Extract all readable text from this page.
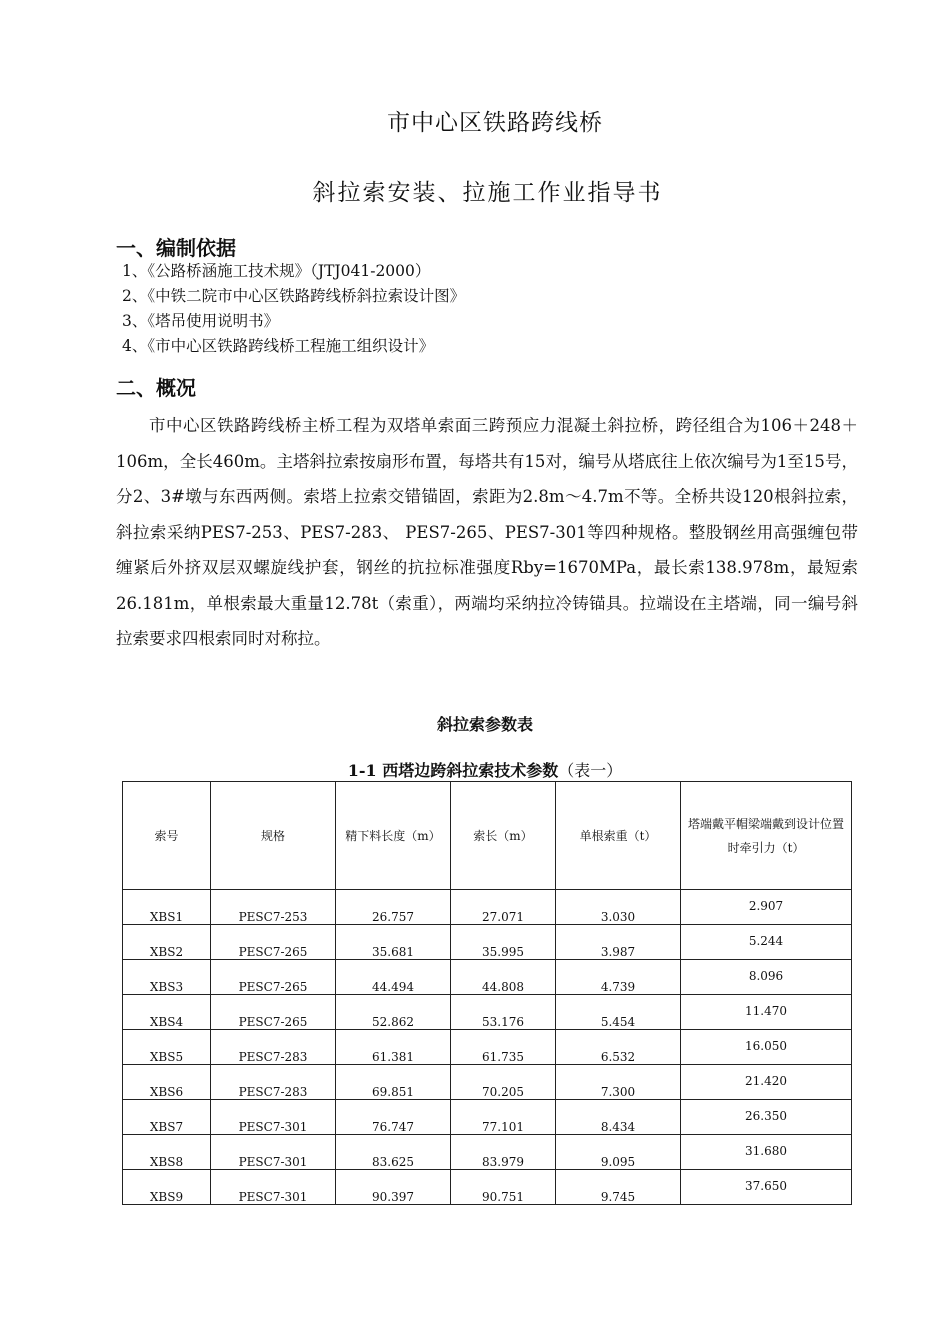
市中心区铁路跨线桥
斜拉索安装、拉施工作业指导书
一、编制依据
1、《公路桥涵施工技术规》（JTJ041-2000）
2、《中铁二院市中心区铁路跨线桥斜拉索设计图》
3、《塔吊使用说明书》
4、《市中心区铁路跨线桥工程施工组织设计》
二、概况

市中心区铁路跨线桥主桥工程为双塔单索面三跨预应力混凝土斜拉桥，跨径组合为106＋248＋106m，全长460m。主塔斜拉索按扇形布置，每塔共有15对，编号从塔底往上依次编号为1至15号，分2、3#墩与东西两侧。索塔上拉索交错锚固，索距为2.8m～4.7m不等。全桥共设120根斜拉索，斜拉索采纳PES7-253、PES7-283、 PES7-265、PES7-301等四种规格。整股钢丝用高强缠包带缠紧后外挤双层双螺旋线护套，钢丝的抗拉标准强度Rby=1670MPa，最长索138.978m，最短索26.181m，单根索最大重量12.78t（索重），两端均采纳拉冷铸锚具。拉端设在主塔端，同一编号斜拉索要求四根索同时对称拉。

斜拉索参数表
1-1 西塔边跨斜拉索技术参数（表一）
索号	规格	精下料长度（m）	索长（m）	单根索重（t）	塔端戴平帽梁端戴到设计位置时牵引力（t）
XBS1	PESC7-253	26.757	27.071	3.030	2.907
XBS2	PESC7-265	35.681	35.995	3.987	5.244
XBS3	PESC7-265	44.494	44.808	4.739	8.096
XBS4	PESC7-265	52.862	53.176	5.454	11.470
XBS5	PESC7-283	61.381	61.735	6.532	16.050
XBS6	PESC7-283	69.851	70.205	7.300	21.420
XBS7	PESC7-301	76.747	77.101	8.434	26.350
XBS8	PESC7-301	83.625	83.979	9.095	31.680
XBS9	PESC7-301	90.397	90.751	9.745	37.650
